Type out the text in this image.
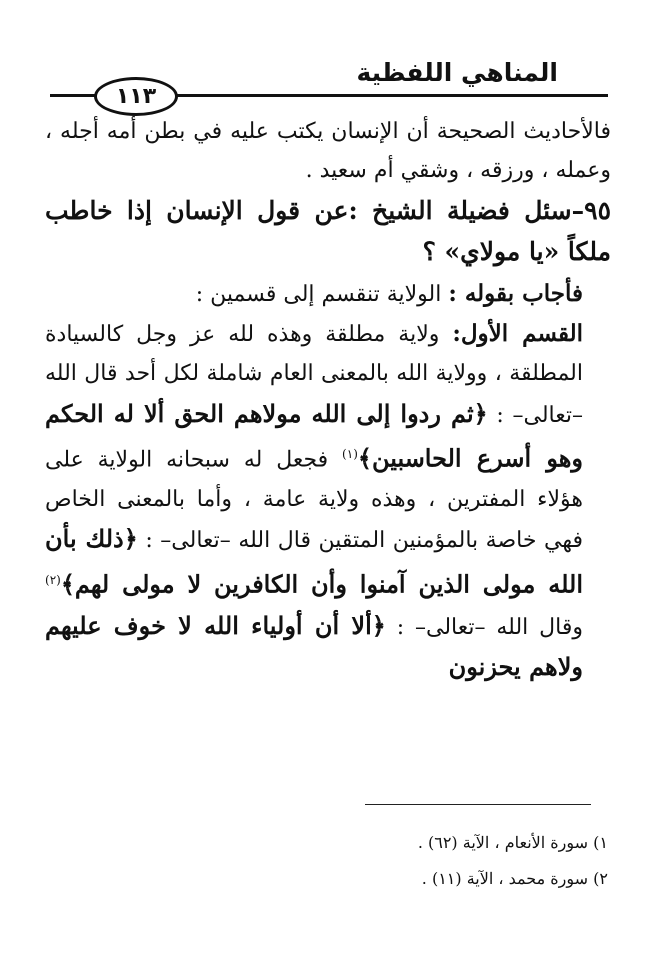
المناهي اللفظية
١١٣

فالأحاديث الصحيحة أن الإنسان يكتب عليه في بطن أمه أجله ، وعمله ، ورزقه ، وشقي أم سعيد .

٩٥–سئل فضيلة الشيخ :عن قول الإنسان إذا خاطب ملكاً «يا مولاي» ؟

فأجاب بقوله : الولاية تنقسم إلى قسمين :

القسم الأول: ولاية مطلقة وهذه لله عز وجل كالسيادة المطلقة ، وولاية الله بالمعنى العام شاملة لكل أحد قال الله –تعالى– : ﴿ثم ردوا إلى الله مولاهم الحق ألا له الحكم وهو أسرع الحاسبين﴾$^{(١)}$ فجعل له سبحانه الولاية على هؤلاء المفترين ، وهذه ولاية عامة ، وأما بالمعنى الخاص فهي خاصة بالمؤمنين المتقين قال الله –تعالى– : ﴿ذلك بأن الله مولى الذين آمنوا وأن الكافرين لا مولى لهم﴾$^{(٢)}$ وقال الله –تعالى– : ﴿ألا أن أولياء الله لا خوف عليهم ولاهم يحزنون

١) سورة الأنعام ، الآية (٦٢) .
٢) سورة محمد ، الآية (١١) .
